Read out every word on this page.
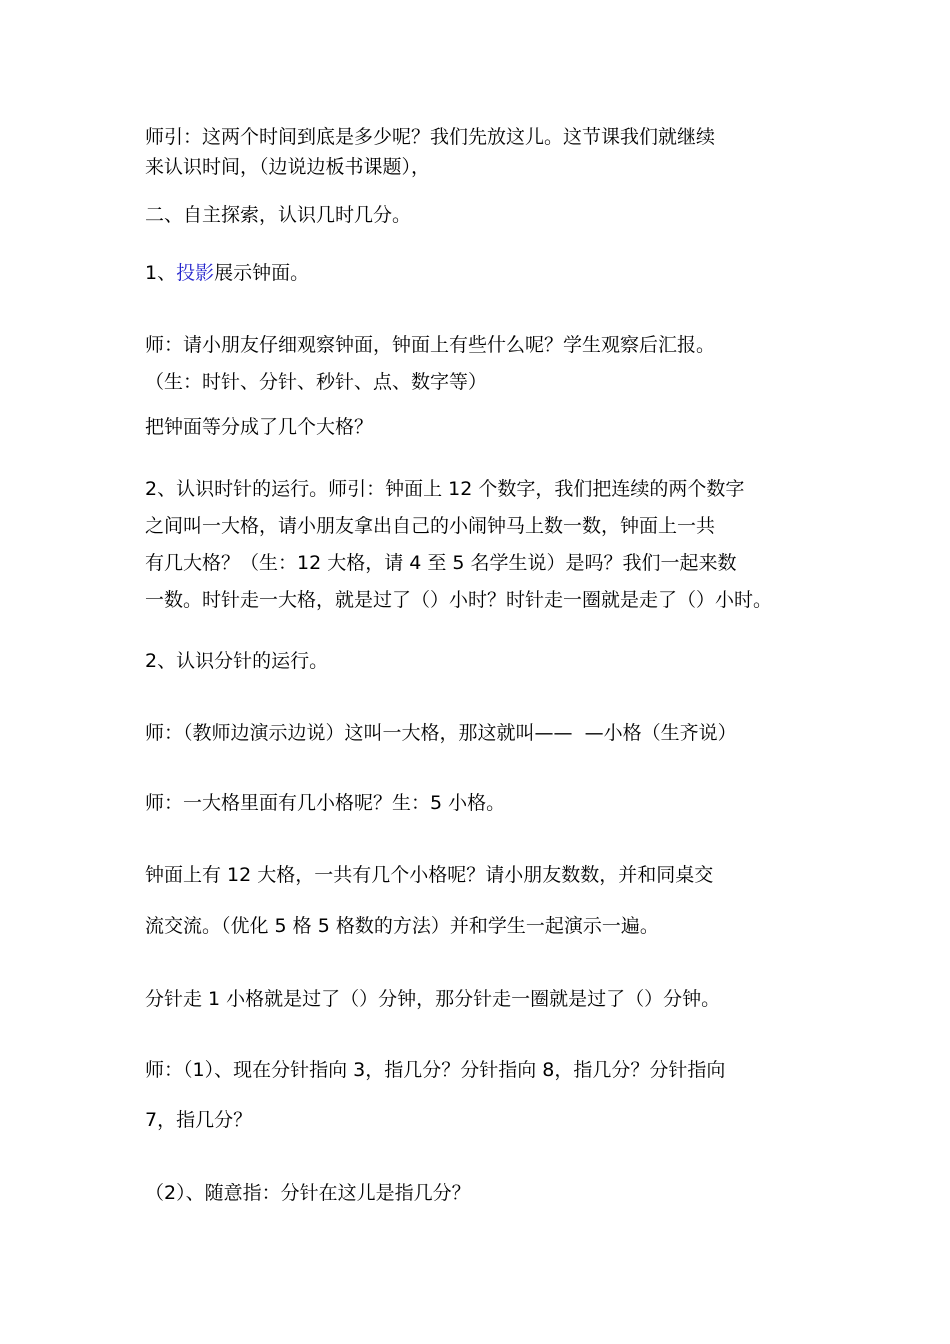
师引：这两个时间到底是多少呢？我们先放这儿。这节课我们就继续
来认识时间，（边说边板书课题），
二、自主探索，认识几时几分。
1、投影展示钟面。
师：请小朋友仔细观察钟面，钟面上有些什么呢？学生观察后汇报。
（生：时针、分针、秒针、点、数字等）
把钟面等分成了几个大格？
2、认识时针的运行。师引：钟面上 12 个数字，我们把连续的两个数字
之间叫一大格，请小朋友拿出自己的小闹钟马上数一数，钟面上一共
有几大格？（生：12 大格，请 4 至 5 名学生说）是吗？我们一起来数
一数。时针走一大格，就是过了（）小时？时针走一圈就是走了（）小时。
2、认识分针的运行。
师：（教师边演示边说）这叫一大格，那这就叫——  —小格（生齐说）
师：一大格里面有几小格呢？生：5 小格。
钟面上有 12 大格，一共有几个小格呢？请小朋友数数，并和同桌交
流交流。（优化 5 格 5 格数的方法）并和学生一起演示一遍。
分针走 1 小格就是过了（）分钟，那分针走一圈就是过了（）分钟。
师：（1）、现在分针指向 3，指几分？分针指向 8，指几分？分针指向
7，指几分？
（2）、随意指：分针在这儿是指几分？
